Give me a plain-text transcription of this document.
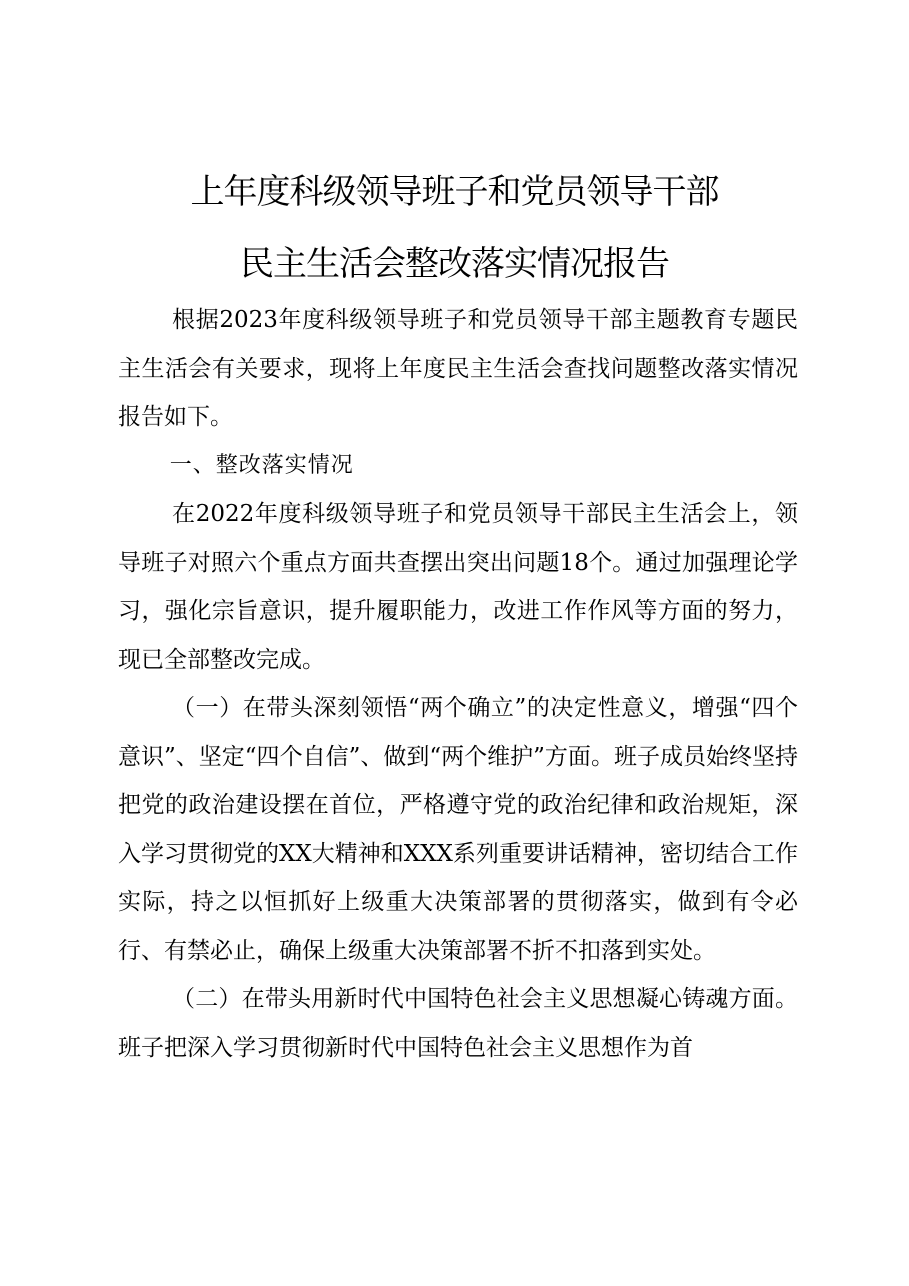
上年度科级领导班子和党员领导干部
民主生活会整改落实情况报告

根据2023年度科级领导班子和党员领导干部主题教育专题民主生活会有关要求，现将上年度民主生活会查找问题整改落实情况报告如下。

一、整改落实情况

在2022年度科级领导班子和党员领导干部民主生活会上，领导班子对照六个重点方面共查摆出突出问题18个。通过加强理论学习，强化宗旨意识，提升履职能力，改进工作作风等方面的努力，现已全部整改完成。

（一）在带头深刻领悟“两个确立”的决定性意义，增强“四个意识”、坚定“四个自信”、做到“两个维护”方面。班子成员始终坚持把党的政治建设摆在首位，严格遵守党的政治纪律和政治规矩，深入学习贯彻党的XX大精神和XXX系列重要讲话精神，密切结合工作实际，持之以恒抓好上级重大决策部署的贯彻落实，做到有令必行、有禁必止，确保上级重大决策部署不折不扣落到实处。

（二）在带头用新时代中国特色社会主义思想凝心铸魂方面。班子把深入学习贯彻新时代中国特色社会主义思想作为首
